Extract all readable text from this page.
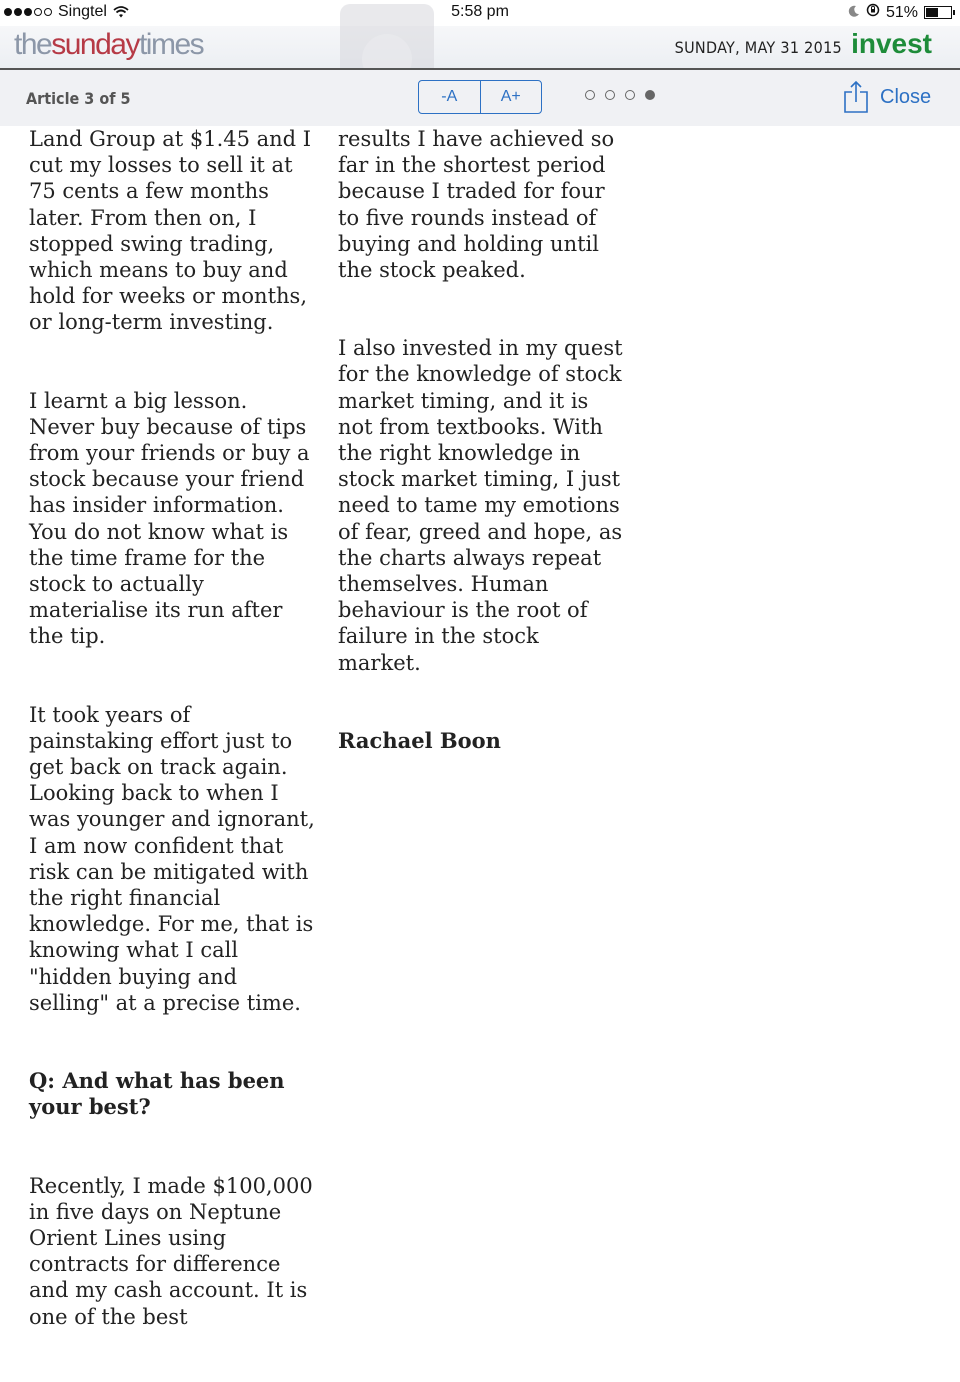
Singtel	5:58 pm	51%
thesundaytimes	SUNDAY, MAY 31 2015 invest
Article 3 of 5	-A	A+	Close

Land Group at $1.45 and I cut my losses to sell it at 75 cents a few months later. From then on, I stopped swing trading, which means to buy and hold for weeks or months, or long-term investing.

I learnt a big lesson. Never buy because of tips from your friends or buy a stock because your friend has insider information. You do not know what is the time frame for the stock to actually materialise its run after the tip.

It took years of painstaking effort just to get back on track again. Looking back to when I was younger and ignorant, I am now confident that risk can be mitigated with the right financial knowledge. For me, that is knowing what I call "hidden buying and selling" at a precise time.

Q: And what has been your best?

Recently, I made $100,000 in five days on Neptune Orient Lines using contracts for difference and my cash account. It is one of the best

results I have achieved so far in the shortest period because I traded for four to five rounds instead of buying and holding until the stock peaked.

I also invested in my quest for the knowledge of stock market timing, and it is not from textbooks. With the right knowledge in stock market timing, I just need to tame my emotions of fear, greed and hope, as the charts always repeat themselves. Human behaviour is the root of failure in the stock market.

Rachael Boon
